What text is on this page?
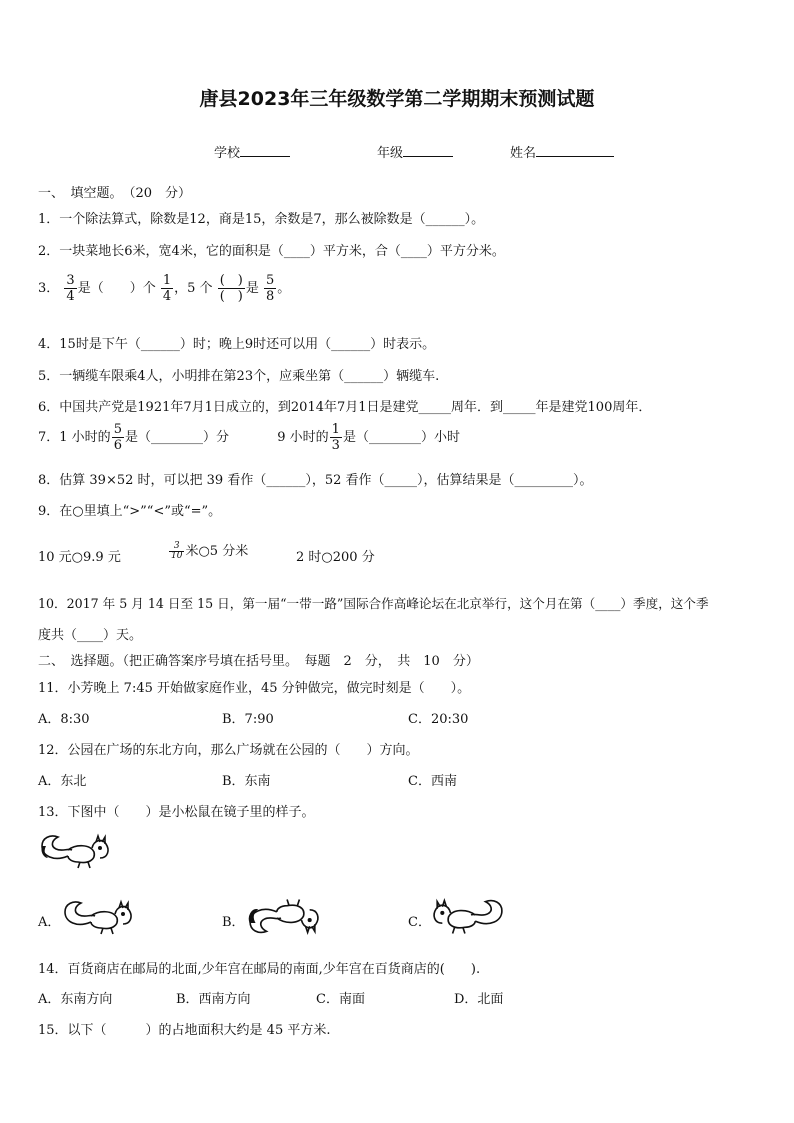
唐县2023年三年级数学第二学期期末预测试题
学校	年级	姓名
一、　填空题。　（20　分）
1．一个除法算式，除数是12，商是15，余数是7，那么被除数是（______）。
2．一块菜地长6米，宽4米，它的面积是（____）平方米，合（____）平方分米。
3． $\frac{3}{4}$ 是（　　）个 $\frac{1}{4}$ ，5 个 $\frac{( )}{( )}$ 是 $\frac{5}{8}$ 。
4．15时是下午（______）时；晚上9时还可以用（______）时表示。
5．一辆缆车限乘4人，小明排在第23个，应乘坐第（______）辆缆车.
6．中国共产党是1921年7月1日成立的，到2014年7月1日是建党_____周年．到_____年是建党100周年．
7．1 小时的 $\frac{5}{6}$ 是（________）分	9 小时的 $\frac{1}{3}$ 是（________）小时
8．估算 39×52 时，可以把 39 看作（______），52 看作（_____），估算结果是（_________）。
9．在○里填上“>”“<”或“=”。
10 元○9.9 元	$\frac{3}{10}$ 米○5 分米	2 时○200 分
10．2017 年 5 月 14 日至 15 日，第一届“一带一路”国际合作高峰论坛在北京举行，这个月在第（____）季度，这个季
度共（____）天。
二、　选择题。（把正确答案序号填在括号里。　每题　2　分，　共　10　分）
11．小芳晚上 7:45 开始做家庭作业，45 分钟做完，做完时刻是（　　）。
A．8:30	B．7:90	C．20:30
12．公园在广场的东北方向，那么广场就在公园的（　　）方向。
A．东北	B．东南	C．西南
13．下图中（　　）是小松鼠在镜子里的样子。
A．	B．	C．
14．百货商店在邮局的北面,少年宫在邮局的南面,少年宫在百货商店的(　　).
A．东南方向	B．西南方向	C．南面	D．北面
15．以下（　　　）的占地面积大约是 45 平方米.
